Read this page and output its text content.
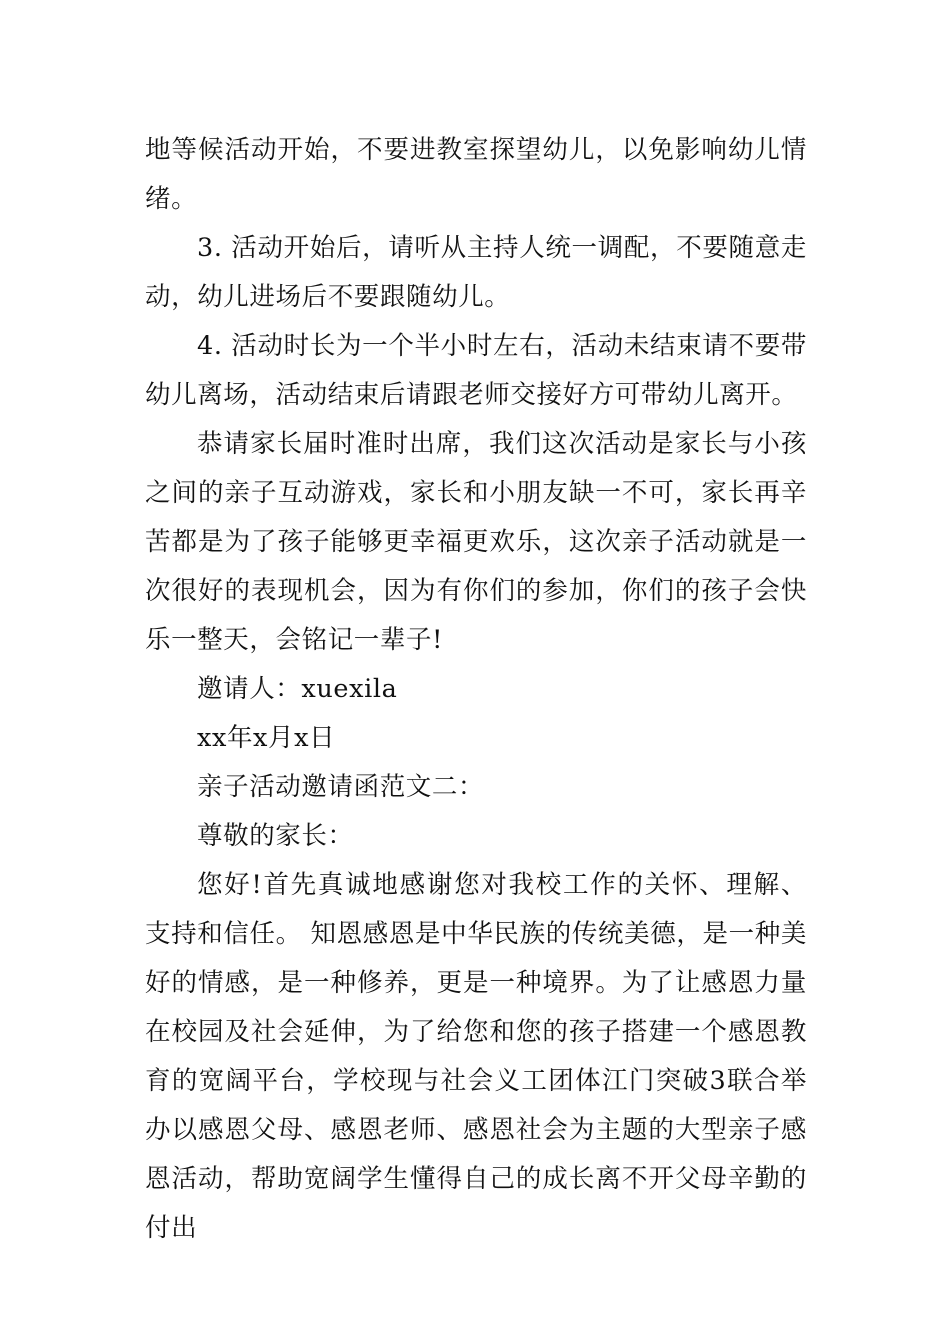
地等候活动开始，不要进教室探望幼儿，以免影响幼儿情绪。

3. 活动开始后，请听从主持人统一调配，不要随意走动，幼儿进场后不要跟随幼儿。

4. 活动时长为一个半小时左右，活动未结束请不要带幼儿离场，活动结束后请跟老师交接好方可带幼儿离开。

恭请家长届时准时出席，我们这次活动是家长与小孩之间的亲子互动游戏，家长和小朋友缺一不可，家长再辛苦都是为了孩子能够更幸福更欢乐，这次亲子活动就是一次很好的表现机会，因为有你们的参加，你们的孩子会快乐一整天，会铭记一辈子!

邀请人：xuexila

xx年x月x日

亲子活动邀请函范文二：

尊敬的家长：

您好!首先真诚地感谢您对我校工作的关怀、理解、支持和信任。 知恩感恩是中华民族的传统美德，是一种美好的情感，是一种修养，更是一种境界。为了让感恩力量在校园及社会延伸，为了给您和您的孩子搭建一个感恩教育的宽阔平台，学校现与社会义工团体江门突破3联合举办以感恩父母、感恩老师、感恩社会为主题的大型亲子感恩活动，帮助宽阔学生懂得自己的成长离不开父母辛勤的付出
